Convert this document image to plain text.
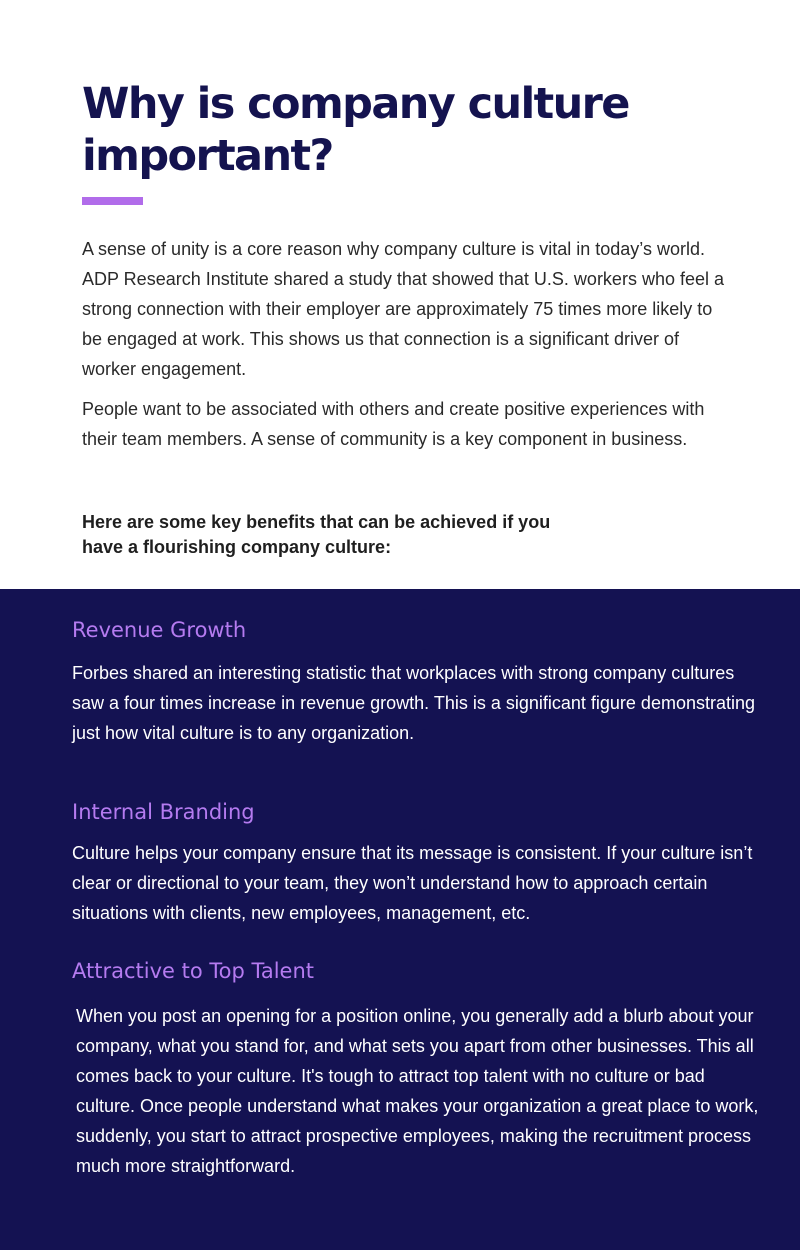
Why is company culture important?

A sense of unity is a core reason why company culture is vital in today’s world. ADP Research Institute shared a study that showed that U.S. workers who feel a strong connection with their employer are approximately 75 times more likely to be engaged at work. This shows us that connection is a significant driver of worker engagement.

People want to be associated with others and create positive experiences with their team members. A sense of community is a key component in business.

Here are some key benefits that can be achieved if you have a flourishing company culture:

Revenue Growth

Forbes shared an interesting statistic that workplaces with strong company cultures saw a four times increase in revenue growth. This is a significant figure demonstrating just how vital culture is to any organization.

Internal Branding

Culture helps your company ensure that its message is consistent. If your culture isn’t clear or directional to your team, they won’t understand how to approach certain situations with clients, new employees, management, etc.

Attractive to Top Talent

When you post an opening for a position online, you generally add a blurb about your company, what you stand for, and what sets you apart from other businesses. This all comes back to your culture. It's tough to attract top talent with no culture or bad culture. Once people understand what makes your organization a great place to work, suddenly, you start to attract prospective employees, making the recruitment process much more straightforward.
